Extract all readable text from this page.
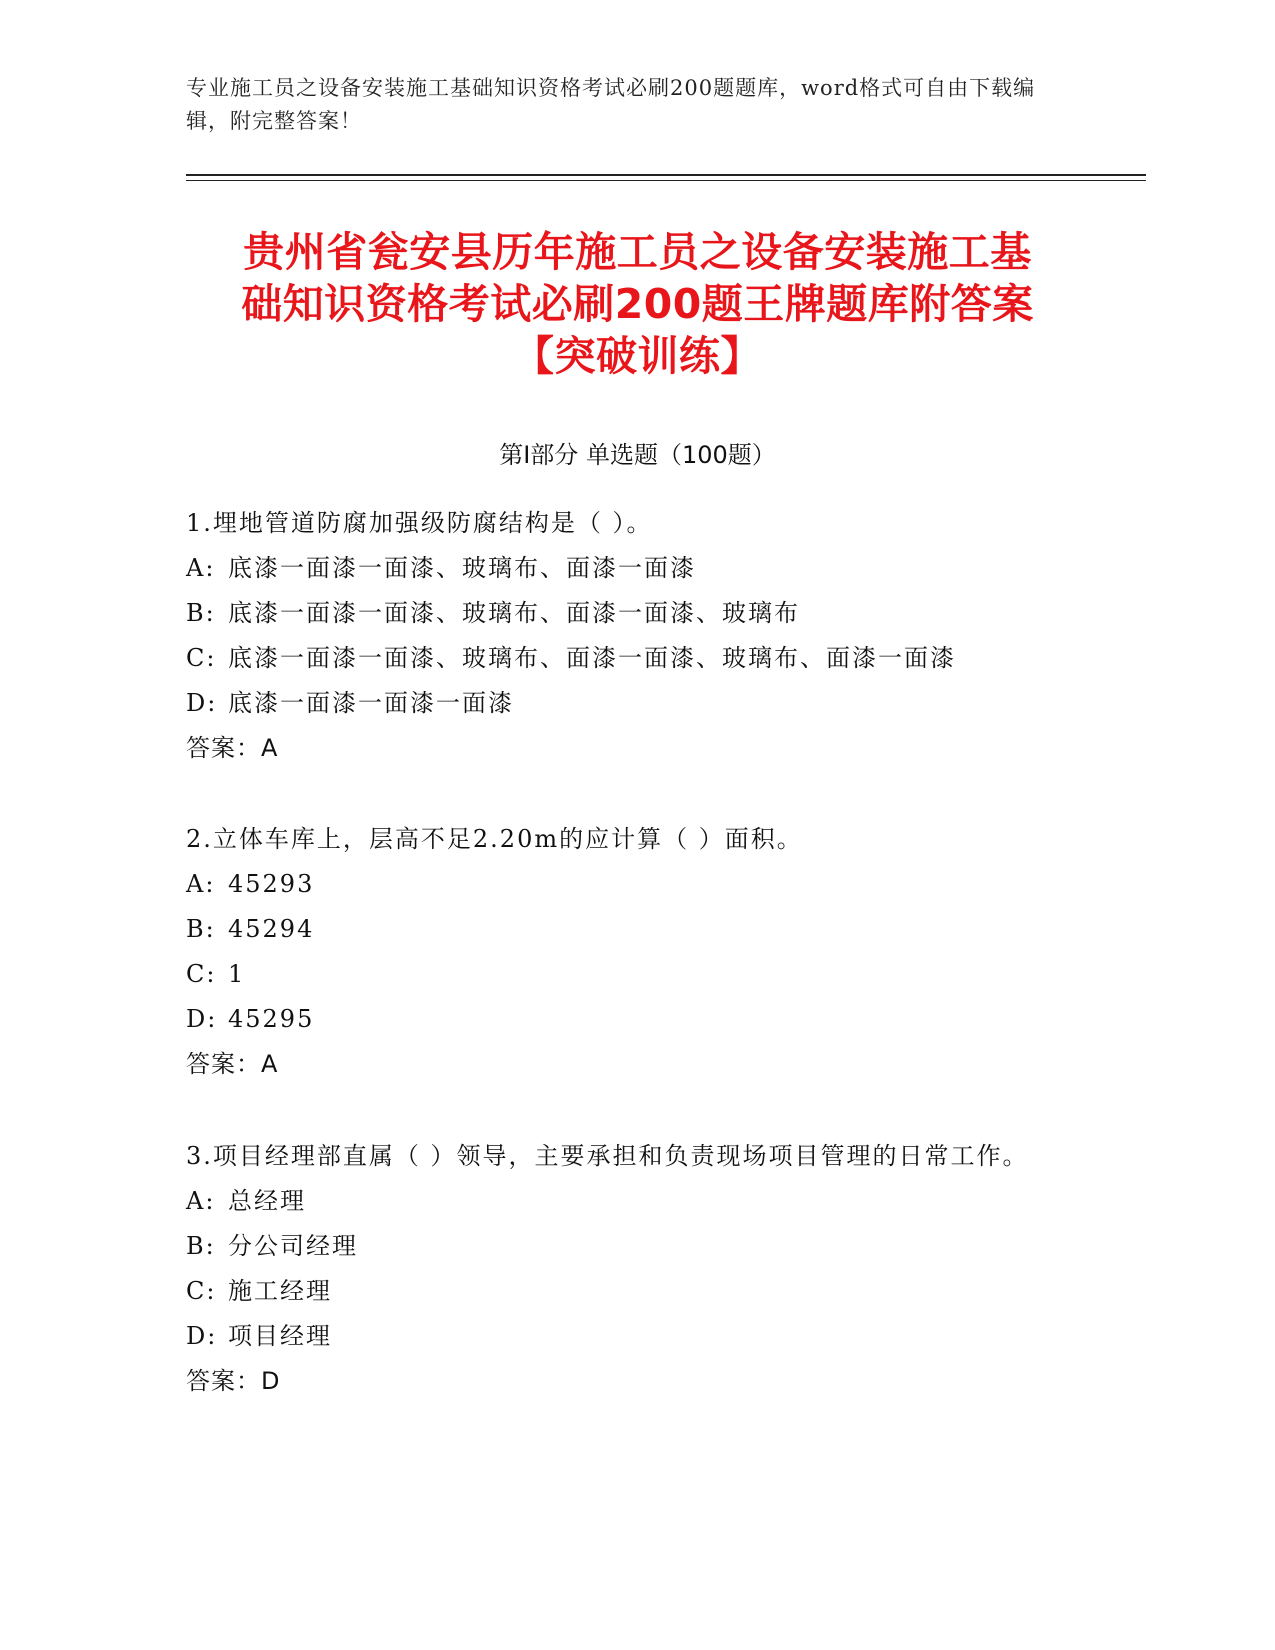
专业施工员之设备安装施工基础知识资格考试必刷200题题库，word格式可自由下载编辑，附完整答案！
贵州省瓮安县历年施工员之设备安装施工基
础知识资格考试必刷200题王牌题库附答案
【突破训练】
第Ⅰ部分 单选题（100题）

1.埋地管道防腐加强级防腐结构是（ ）。

A: 底漆一面漆一面漆、玻璃布、面漆一面漆

B: 底漆一面漆一面漆、玻璃布、面漆一面漆、玻璃布

C: 底漆一面漆一面漆、玻璃布、面漆一面漆、玻璃布、面漆一面漆

D: 底漆一面漆一面漆一面漆

答案：A

2.立体车库上，层高不足2.20m的应计算（ ）面积。

A: 45293

B: 45294

C: 1

D: 45295

答案：A

3.项目经理部直属（ ）领导，主要承担和负责现场项目管理的日常工作。

A: 总经理

B: 分公司经理

C: 施工经理

D: 项目经理

答案：D
